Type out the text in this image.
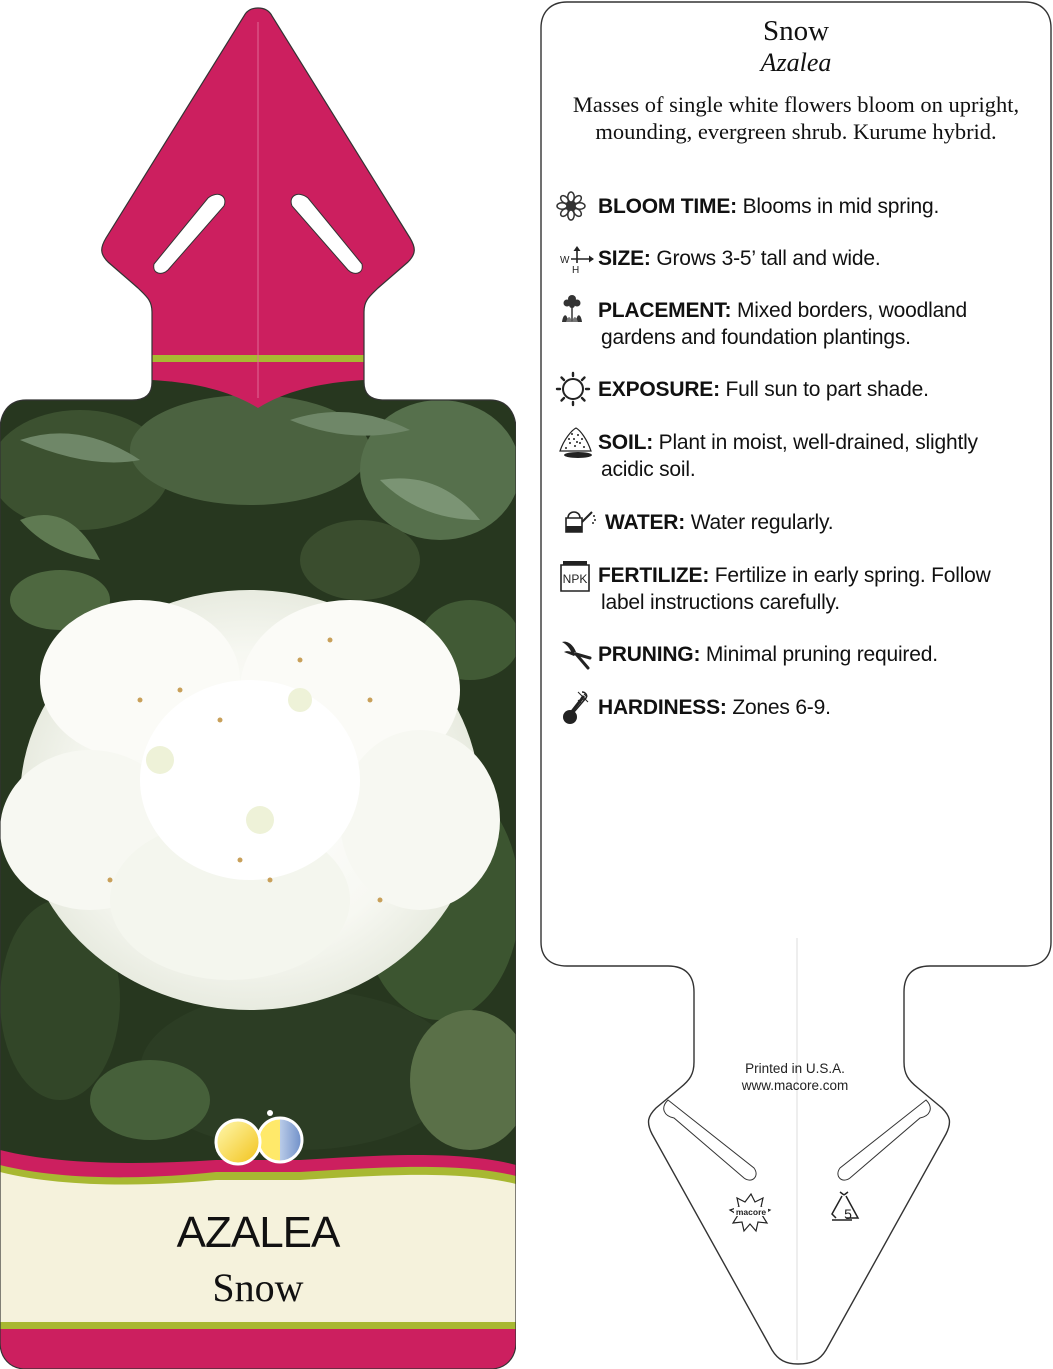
AZALEA
Snow
macore	5
W
H
NPK
Snow
Azalea
Masses of single white flowers bloom on upright, mounding, evergreen shrub. Kurume hybrid.
BLOOM TIME: Blooms in mid spring.
SIZE: Grows 3-5’ tall and wide.
PLACEMENT: Mixed borders, woodland
gardens and foundation plantings.
EXPOSURE: Full sun to part shade.
SOIL: Plant in moist, well-drained, slightly
acidic soil.
WATER: Water regularly.
FERTILIZE: Fertilize in early spring. Follow
label instructions carefully.
PRUNING: Minimal pruning required.
HARDINESS: Zones 6-9.
Printed in U.S.A.
www.macore.com
